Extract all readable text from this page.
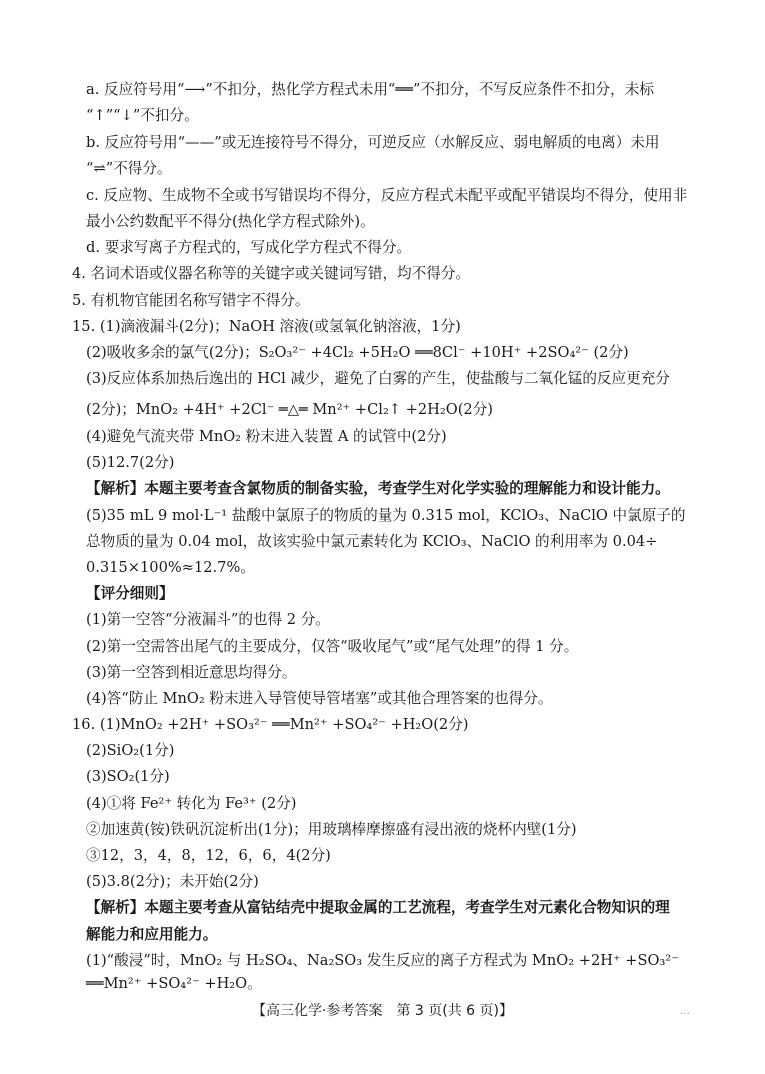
a. 反应符号用“⟶”不扣分，热化学方程式未用“══”不扣分，不写反应条件不扣分，未标
“↑”“↓”不扣分。
b. 反应符号用“——”或无连接符号不得分，可逆反应（水解反应、弱电解质的电离）未用
“⇌”不得分。
c. 反应物、生成物不全或书写错误均不得分，反应方程式未配平或配平错误均不得分，使用非
最小公约数配平不得分(热化学方程式除外)。
d. 要求写离子方程式的，写成化学方程式不得分。
4. 名词术语或仪器名称等的关键字或关键词写错，均不得分。
5. 有机物官能团名称写错字不得分。
15. (1)滴液漏斗(2分)；NaOH 溶液(或氢氧化钠溶液，1分)
(2)吸收多余的氯气(2分)；S₂O₃²⁻ +4Cl₂ +5H₂O ══8Cl⁻ +10H⁺ +2SO₄²⁻ (2分)
(3)反应体系加热后逸出的 HCl 减少，避免了白雾的产生，使盐酸与二氧化锰的反应更充分
(2分)；MnO₂ +4H⁺ +2Cl⁻ ═△═ Mn²⁺ +Cl₂↑ +2H₂O(2分)
(4)避免气流夹带 MnO₂ 粉末进入装置 A 的试管中(2分)
(5)12.7(2分)
【解析】本题主要考查含氯物质的制备实验，考查学生对化学实验的理解能力和设计能力。
(5)35 mL 9 mol·L⁻¹ 盐酸中氯原子的物质的量为 0.315 mol，KClO₃、NaClO 中氯原子的
总物质的量为 0.04 mol，故该实验中氯元素转化为 KClO₃、NaClO 的利用率为 0.04÷
0.315×100%≈12.7%。
【评分细则】
(1)第一空答“分液漏斗”的也得 2 分。
(2)第一空需答出尾气的主要成分，仅答“吸收尾气”或“尾气处理”的得 1 分。
(3)第一空答到相近意思均得分。
(4)答“防止 MnO₂ 粉末进入导管使导管堵塞”或其他合理答案的也得分。
16. (1)MnO₂ +2H⁺ +SO₃²⁻ ══Mn²⁺ +SO₄²⁻ +H₂O(2分)
(2)SiO₂(1分)
(3)SO₂(1分)
(4)①将 Fe²⁺ 转化为 Fe³⁺ (2分)
②加速黄(铵)铁矾沉淀析出(1分)；用玻璃棒摩擦盛有浸出液的烧杯内壁(1分)
③12，3，4，8，12，6，6，4(2分)
(5)3.8(2分)；未开始(2分)
【解析】本题主要考查从富钴结壳中提取金属的工艺流程，考查学生对元素化合物知识的理
解能力和应用能力。
(1)“酸浸”时，MnO₂ 与 H₂SO₄、Na₂SO₃ 发生反应的离子方程式为 MnO₂ +2H⁺ +SO₃²⁻
══Mn²⁺ +SO₄²⁻ +H₂O。
【高三化学·参考答案　第 3 页(共 6 页)】	…
